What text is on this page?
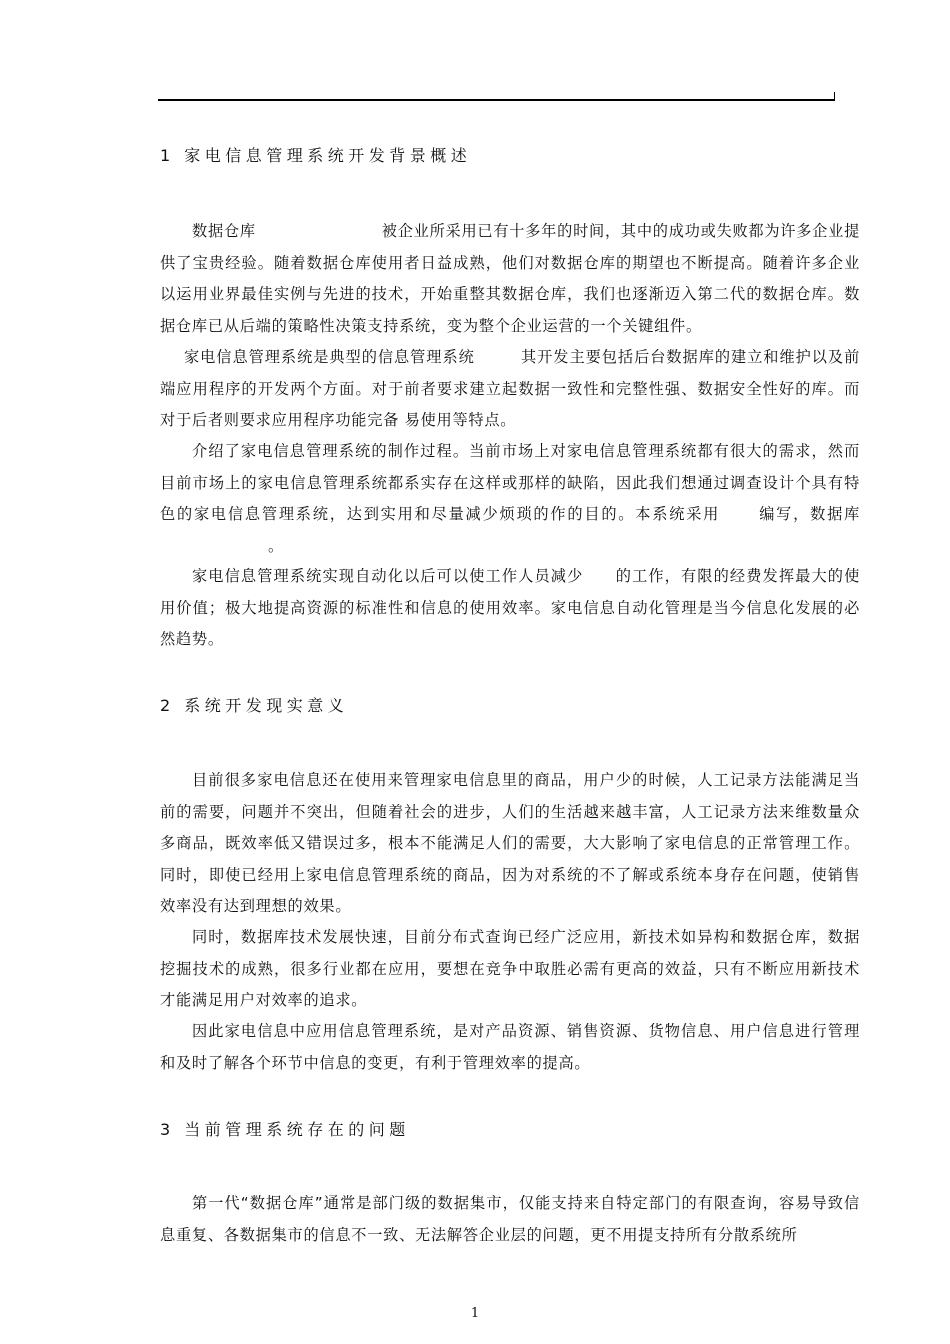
1 家电信息管理系统开发背景概述

数据仓库	被企业所采用已有十多年的时间，其中的成功或失败都为许多企业提供了宝贵经验。随着数据仓库使用者日益成熟，他们对数据仓库的期望也不断提高。随着许多企业以运用业界最佳实例与先进的技术，开始重整其数据仓库，我们也逐渐迈入第二代的数据仓库。数据仓库已从后端的策略性决策支持系统，变为整个企业运营的一个关键组件。

家电信息管理系统是典型的信息管理系统	其开发主要包括后台数据库的建立和维护以及前端应用程序的开发两个方面。对于前者要求建立起数据一致性和完整性强、数据安全性好的库。而对于后者则要求应用程序功能完备 易使用等特点。

介绍了家电信息管理系统的制作过程。当前市场上对家电信息管理系统都有很大的需求，然而目前市场上的家电信息管理系统都系实存在这样或那样的缺陷，因此我们想通过调查设计个具有特色的家电信息管理系统，达到实用和尽量减少烦琐的作的目的。本系统采用	编写，数据库。

家电信息管理系统实现自动化以后可以使工作人员减少 的工作，有限的经费发挥最大的使用价值；极大地提高资源的标准性和信息的使用效率。家电信息自动化管理是当今信息化发展的必然趋势。

2 系统开发现实意义

目前很多家电信息还在使用来管理家电信息里的商品，用户少的时候，人工记录方法能满足当前的需要，问题并不突出，但随着社会的进步，人们的生活越来越丰富，人工记录方法来维数量众多商品，既效率低又错误过多，根本不能满足人们的需要，大大影响了家电信息的正常管理工作。同时，即使已经用上家电信息管理系统的商品，因为对系统的不了解或系统本身存在问题，使销售效率没有达到理想的效果。

同时，数据库技术发展快速，目前分布式查询已经广泛应用，新技术如异构和数据仓库，数据挖掘技术的成熟，很多行业都在应用，要想在竞争中取胜必需有更高的效益，只有不断应用新技术才能满足用户对效率的追求。

因此家电信息中应用信息管理系统，是对产品资源、销售资源、货物信息、用户信息进行管理和及时了解各个环节中信息的变更，有利于管理效率的提高。

3 当前管理系统存在的问题

第一代“数据仓库”通常是部门级的数据集市，仅能支持来自特定部门的有限查询，容易导致信息重复、各数据集市的信息不一致、无法解答企业层的问题，更不用提支持所有分散系统所

1
